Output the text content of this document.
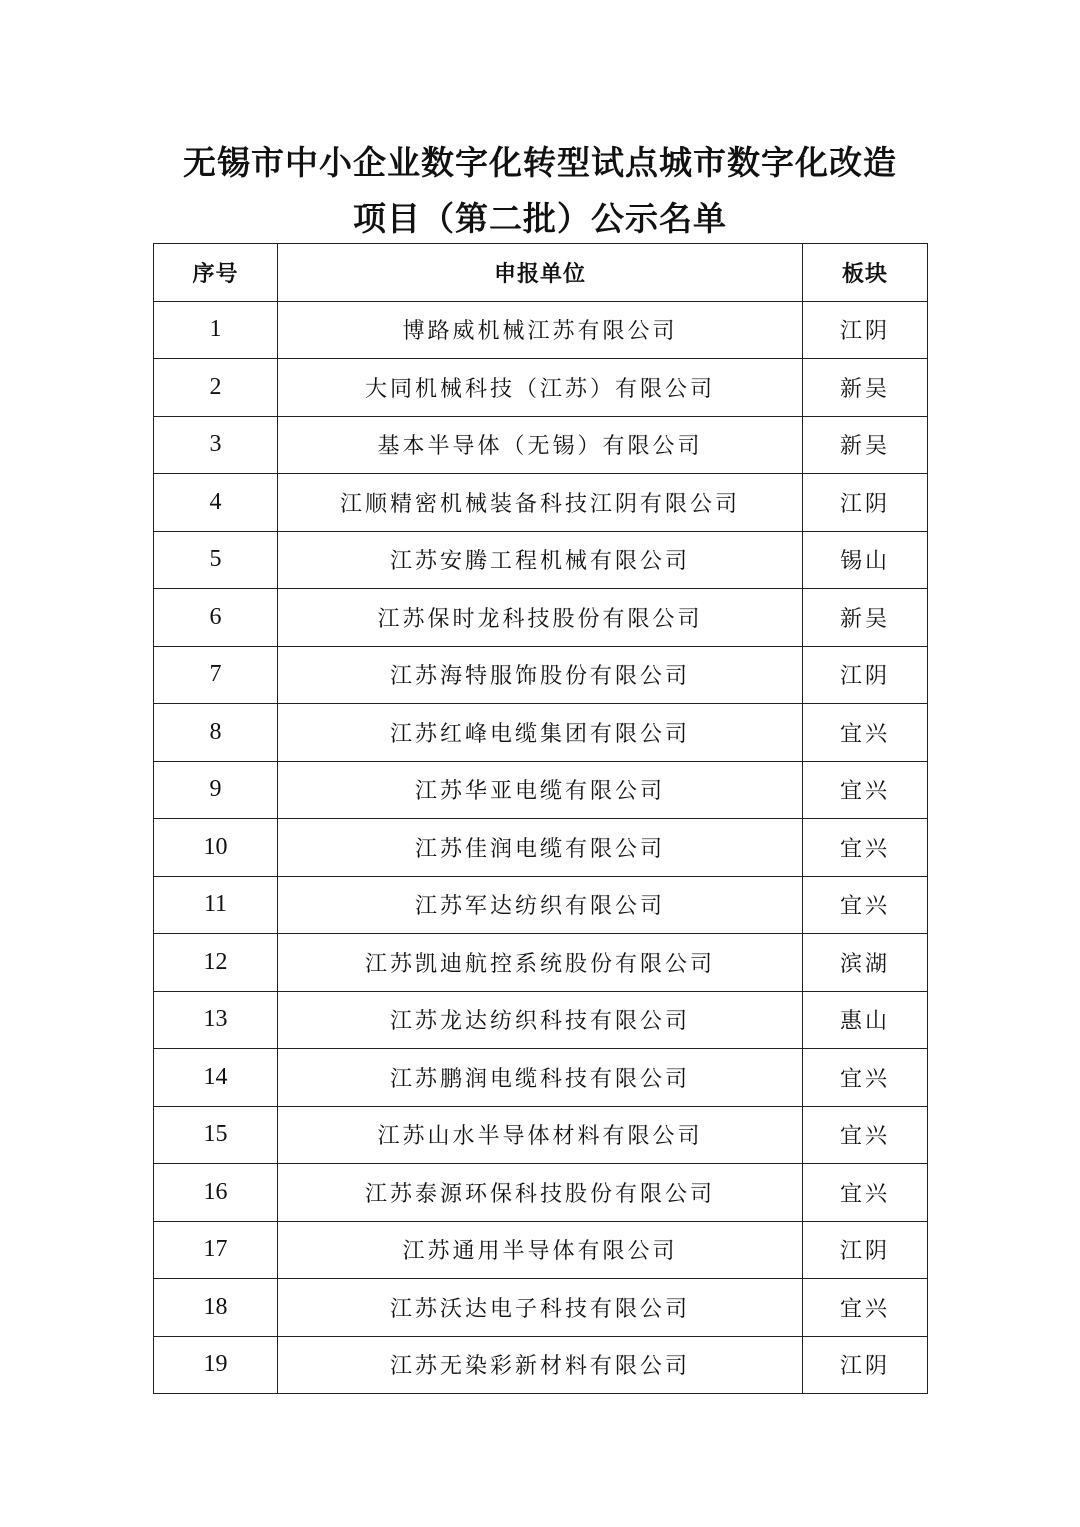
无锡市中小企业数字化转型试点城市数字化改造
项目（第二批）公示名单
序号	申报单位	板块
1	博路威机械江苏有限公司	江阴
2	大同机械科技（江苏）有限公司	新吴
3	基本半导体（无锡）有限公司	新吴
4	江顺精密机械装备科技江阴有限公司	江阴
5	江苏安腾工程机械有限公司	锡山
6	江苏保时龙科技股份有限公司	新吴
7	江苏海特服饰股份有限公司	江阴
8	江苏红峰电缆集团有限公司	宜兴
9	江苏华亚电缆有限公司	宜兴
10	江苏佳润电缆有限公司	宜兴
11	江苏军达纺织有限公司	宜兴
12	江苏凯迪航控系统股份有限公司	滨湖
13	江苏龙达纺织科技有限公司	惠山
14	江苏鹏润电缆科技有限公司	宜兴
15	江苏山水半导体材料有限公司	宜兴
16	江苏泰源环保科技股份有限公司	宜兴
17	江苏通用半导体有限公司	江阴
18	江苏沃达电子科技有限公司	宜兴
19	江苏无染彩新材料有限公司	江阴
